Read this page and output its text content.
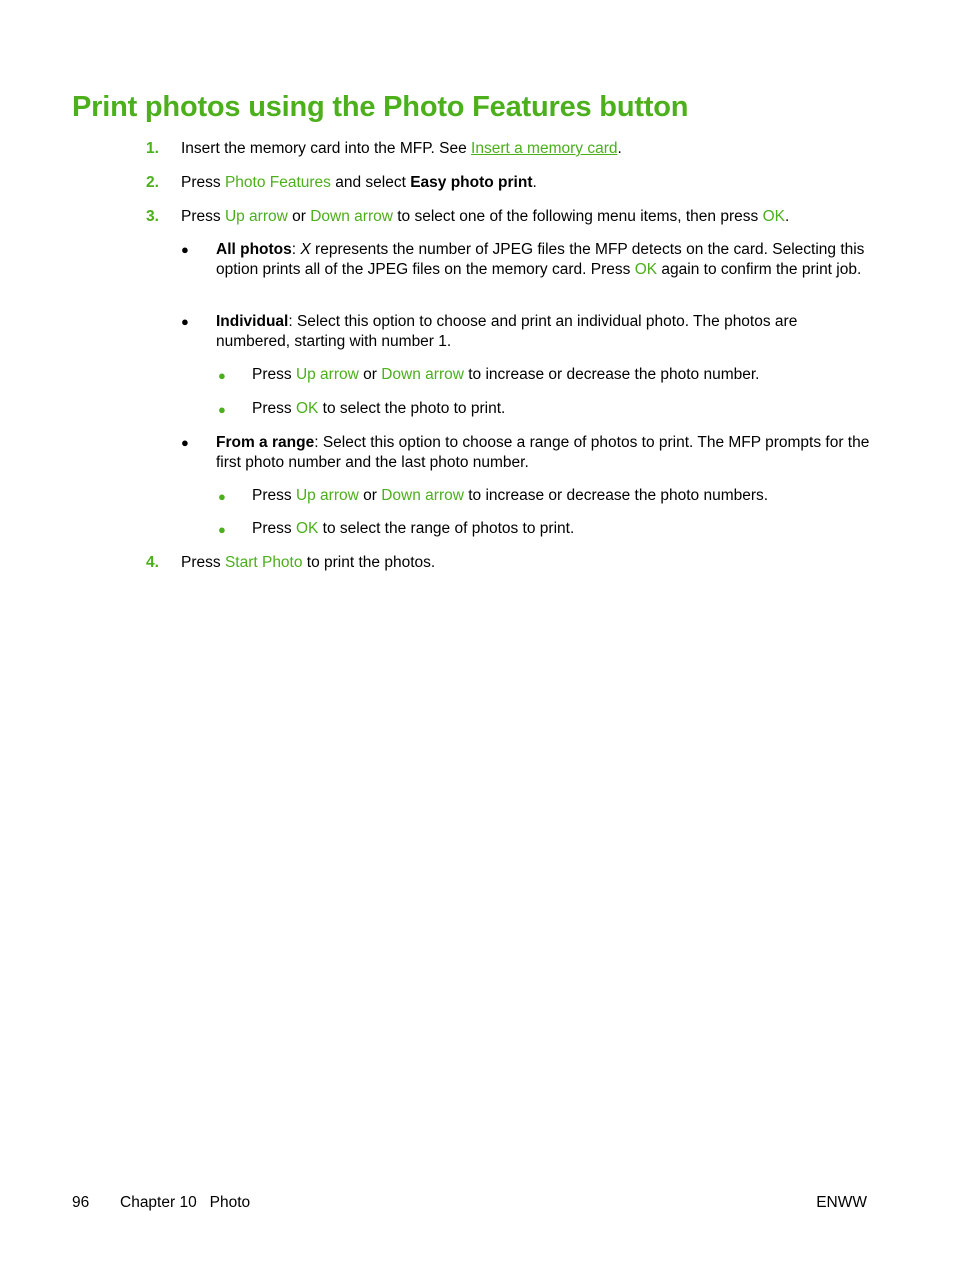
Print photos using the Photo Features button
1. Insert the memory card into the MFP. See Insert a memory card.
2. Press Photo Features and select Easy photo print.
3. Press Up arrow or Down arrow to select one of the following menu items, then press OK.
● All photos: X represents the number of JPEG files the MFP detects on the card. Selecting this option prints all of the JPEG files on the memory card. Press OK again to confirm the print job.
● Individual: Select this option to choose and print an individual photo. The photos are numbered, starting with number 1.
● Press Up arrow or Down arrow to increase or decrease the photo number.
● Press OK to select the photo to print.
● From a range: Select this option to choose a range of photos to print. The MFP prompts for the first photo number and the last photo number.
● Press Up arrow or Down arrow to increase or decrease the photo numbers.
● Press OK to select the range of photos to print.
4. Press Start Photo to print the photos.
96 Chapter 10   Photo	ENWW
